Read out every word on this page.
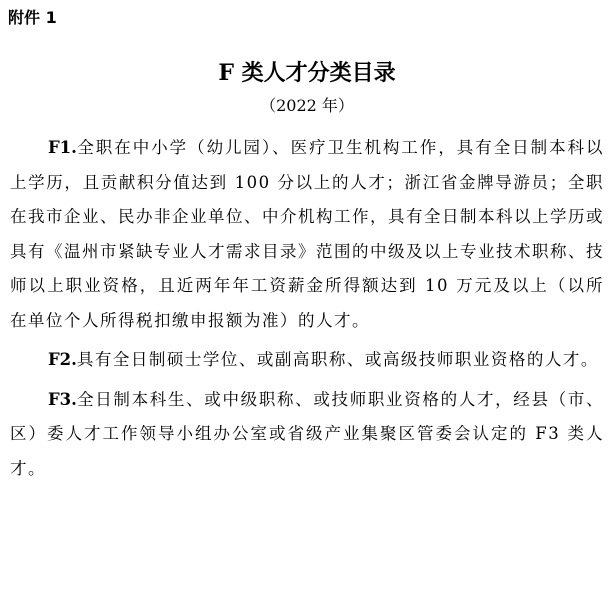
附件 1
F 类人才分类目录
（2022 年）

F1.全职在中小学（幼儿园）、医疗卫生机构工作，具有全日制本科以上学历，且贡献积分值达到 100 分以上的人才；浙江省金牌导游员；全职在我市企业、民办非企业单位、中介机构工作，具有全日制本科以上学历或具有《温州市紧缺专业人才需求目录》范围的中级及以上专业技术职称、技师以上职业资格，且近两年年工资薪金所得额达到 10 万元及以上（以所在单位个人所得税扣缴申报额为准）的人才。

F2.具有全日制硕士学位、或副高职称、或高级技师职业资格的人才。

F3.全日制本科生、或中级职称、或技师职业资格的人才，经县（市、区）委人才工作领导小组办公室或省级产业集聚区管委会认定的 F3 类人才。
